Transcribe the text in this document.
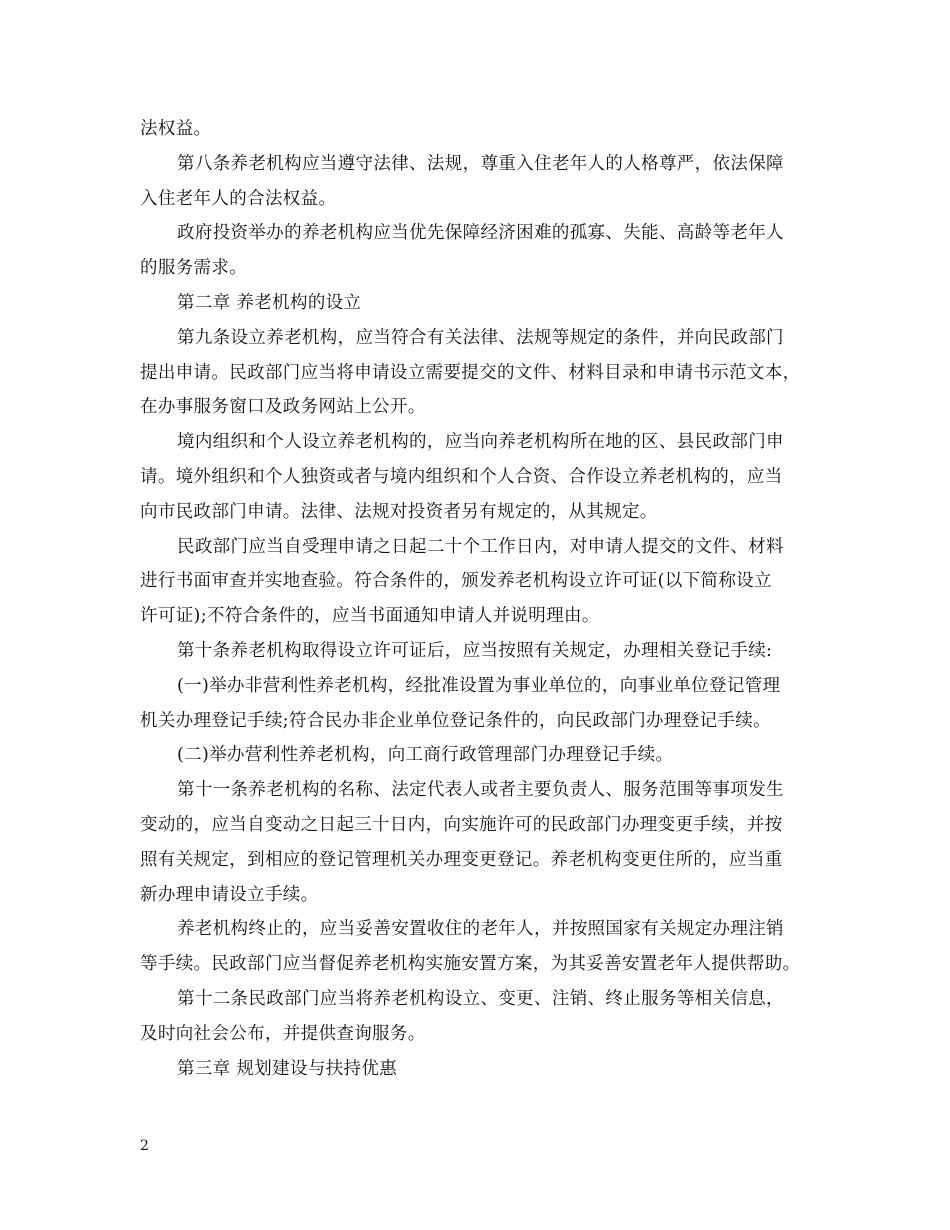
法权益。
第八条养老机构应当遵守法律、法规，尊重入住老年人的人格尊严，依法保障
入住老年人的合法权益。
政府投资举办的养老机构应当优先保障经济困难的孤寡、失能、高龄等老年人
的服务需求。
第二章 养老机构的设立
第九条设立养老机构，应当符合有关法律、法规等规定的条件，并向民政部门
提出申请。民政部门应当将申请设立需要提交的文件、材料目录和申请书示范文本，
在办事服务窗口及政务网站上公开。
境内组织和个人设立养老机构的，应当向养老机构所在地的区、县民政部门申
请。境外组织和个人独资或者与境内组织和个人合资、合作设立养老机构的，应当
向市民政部门申请。法律、法规对投资者另有规定的，从其规定。
民政部门应当自受理申请之日起二十个工作日内，对申请人提交的文件、材料
进行书面审查并实地查验。符合条件的，颁发养老机构设立许可证(以下简称设立
许可证);不符合条件的，应当书面通知申请人并说明理由。
第十条养老机构取得设立许可证后，应当按照有关规定，办理相关登记手续:
(一)举办非营利性养老机构，经批准设置为事业单位的，向事业单位登记管理
机关办理登记手续;符合民办非企业单位登记条件的，向民政部门办理登记手续。
(二)举办营利性养老机构，向工商行政管理部门办理登记手续。
第十一条养老机构的名称、法定代表人或者主要负责人、服务范围等事项发生
变动的，应当自变动之日起三十日内，向实施许可的民政部门办理变更手续，并按
照有关规定，到相应的登记管理机关办理变更登记。养老机构变更住所的，应当重
新办理申请设立手续。
养老机构终止的，应当妥善安置收住的老年人，并按照国家有关规定办理注销
等手续。民政部门应当督促养老机构实施安置方案，为其妥善安置老年人提供帮助。
第十二条民政部门应当将养老机构设立、变更、注销、终止服务等相关信息，
及时向社会公布，并提供查询服务。
第三章 规划建设与扶持优惠
2
